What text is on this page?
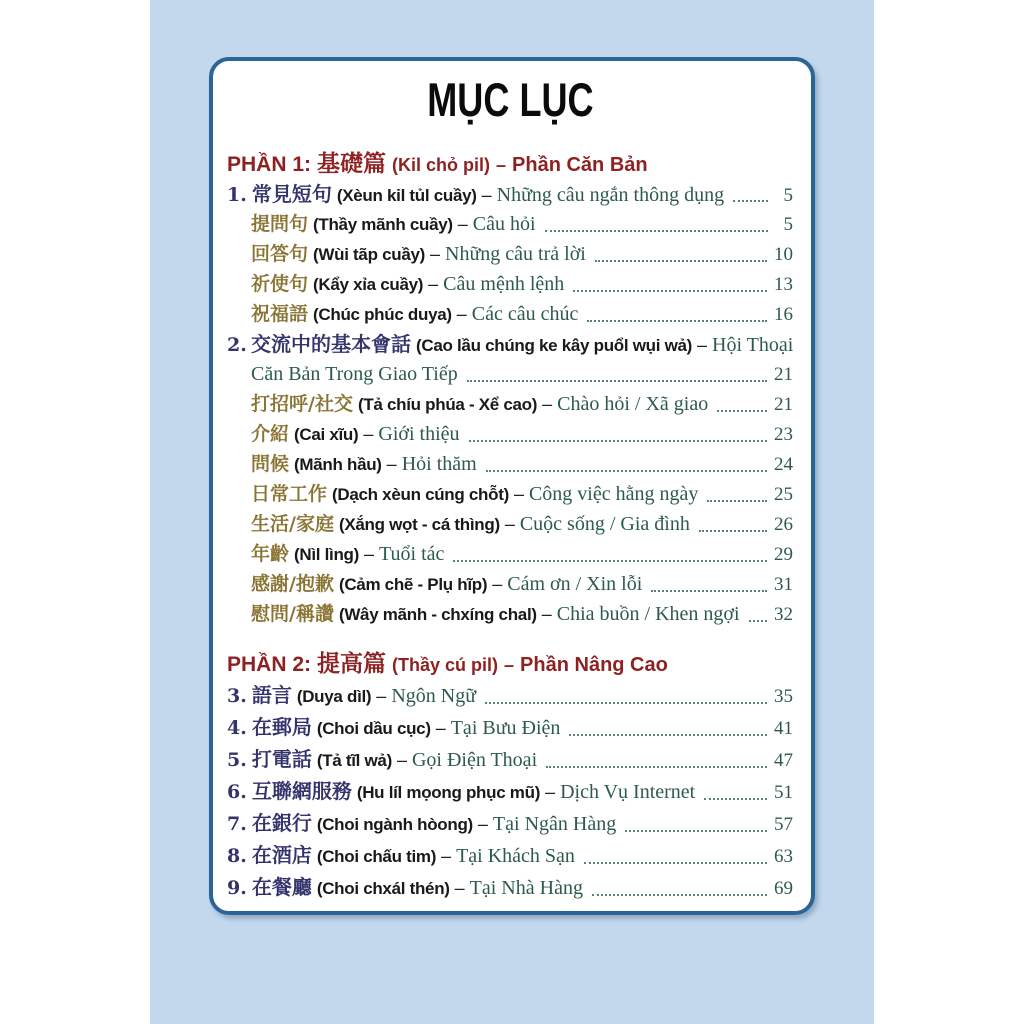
MỤC LỤC
PHẦN 1: 基礎篇 (Kil chỏ pil) – Phần Căn Bản
1. 常見短句 (Xèun kil tủl cuầy) – Những câu ngắn thông dụng	5
提問句 (Thầy mãnh cuầy) – Câu hỏi	5
回答句 (Wùi tãp cuầy) – Những câu trả lời	10
祈使句 (Kẩy xỉa cuầy) – Câu mệnh lệnh	13
祝福語 (Chúc phúc duya) – Các câu chúc	16
2. 交流中的基本會話 (Cao lầu chúng ke kây puổl wụi wả) – Hội Thoại
Căn Bản Trong Giao Tiếp	21
打招呼/社交 (Tả chíu phúa - Xể cao) – Chào hỏi / Xã giao	21
介紹 (Cai xĩu) – Giới thiệu	23
問候 (Mãnh hầu) – Hỏi thăm	24
日常工作 (Dạch xèun cúng chỗt) – Công việc hằng ngày	25
生活/家庭 (Xắng wọt - cá thìng) – Cuộc sống / Gia đình	26
年齡 (Nìl lìng) – Tuổi tác	29
感謝/抱歉 (Cảm chẽ - Plụ hĩp) – Cám ơn / Xin lỗi	31
慰問/稱讚 (Wây mãnh - chxíng chal) – Chia buồn / Khen ngợi 32
PHẦN 2: 提高篇 (Thầy cú pil) – Phần Nâng Cao
3. 語言 (Duya dìl) – Ngôn Ngữ	35
4. 在郵局 (Choi dầu cục) – Tại Bưu Điện	41
5. 打電話 (Tả tĩl wả) – Gọi Điện Thoại	47
6. 互聯網服務 (Hu líl mọong phục mũ) – Dịch Vụ Internet	51
7. 在銀行 (Choi ngành hòong) – Tại Ngân Hàng	57
8. 在酒店 (Choi chấu tim) – Tại Khách Sạn	63
9. 在餐廳 (Choi chxál thén) – Tại Nhà Hàng	69
